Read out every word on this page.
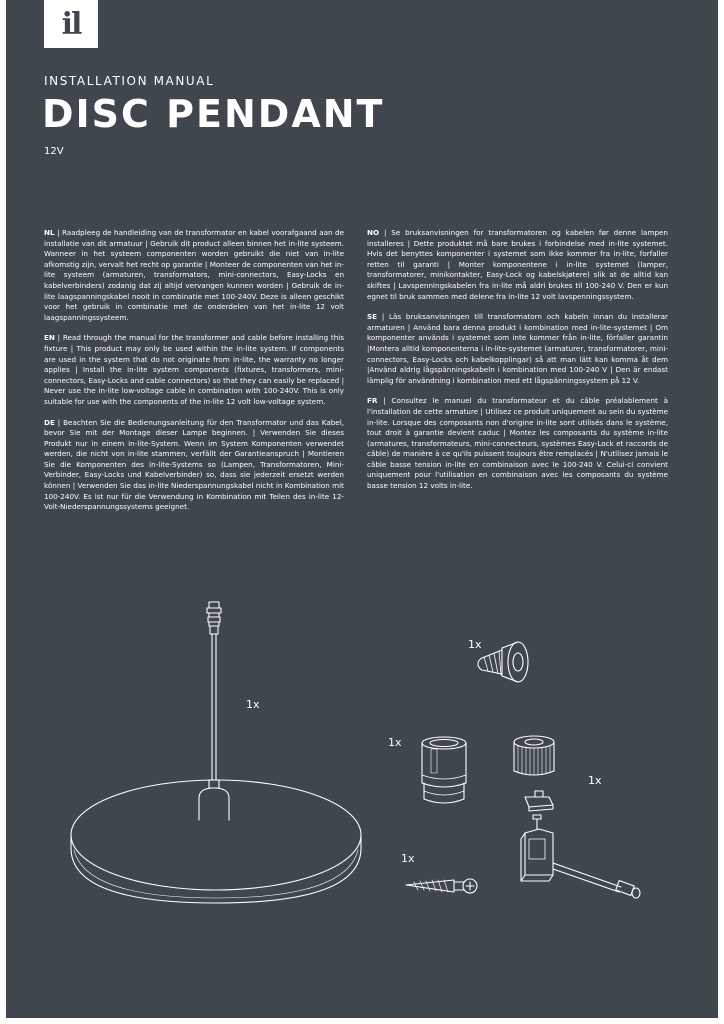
il
INSTALLATION MANUAL
DISC PENDANT
12V

NL | Raadpleeg de handleiding van de transformator en kabel voorafgaand aan de installatie van dit armatuur | Gebruik dit product alleen binnen het in-lite systeem. Wanneer in het systeem componenten worden gebruikt die niet van in-lite afkomstig zijn, vervalt het recht op garantie | Monteer de componenten van het in-lite systeem (armaturen, transformators, mini-connectors, Easy-Locks en kabelverbinders) zodanig dat zij altijd vervangen kunnen worden | Gebruik de in-lite laagspanningskabel nooit in combinatie met 100-240V. Deze is alleen geschikt voor het gebruik in combinatie met de onderdelen van het in-lite 12 volt laagspanningssysteem.

EN | Read through the manual for the transformer and cable before installing this fixture | This product may only be used within the in-lite system. If components are used in the system that do not originate from in-lite, the warranty no longer applies | Install the in-lite system components (fixtures, transformers, mini-connectors, Easy-Locks and cable connectors) so that they can easily be replaced | Never use the in-lite low-voltage cable in combination with 100-240V. This is only suitable for use with the components of the in-lite 12 volt low-voltage system.

DE | Beachten Sie die Bedienungsanleitung für den Transformator und das Kabel, bevor Sie mit der Montage dieser Lampe beginnen. | Verwenden Sie dieses Produkt nur in einem in-lite-System. Wenn im System Komponenten verwendet werden, die nicht von in-lite stammen, verfällt der Garantieanspruch | Montieren Sie die Komponenten des in-lite-Systems so (Lampen, Transformatoren, Mini-Verbinder, Easy-Locks und Kabelverbinder) so, dass sie jederzeit ersetzt werden können | Verwenden Sie das in-lite Niederspannungskabel nicht in Kombination mit 100-240V. Es ist nur für die Verwendung in Kombination mit Teilen des in-lite 12-Volt-Niederspannungssystems geeignet.

NO | Se bruksanvisningen for transformatoren og kabelen før denne lampen installeres | Dette produktet må bare brukes i forbindelse med in-lite systemet. Hvis det benyttes komponenter i systemet som ikke kommer fra in-lite, forfaller retten til garanti | Monter komponentene i in-lite systemet (lamper, transformatorer, minikontakter, Easy-Lock og kabelskjøtere) slik at de alltid kan skiftes | Lavspenningskabelen fra in-lite må aldri brukes til 100-240 V. Den er kun egnet til bruk sammen med delene fra in-lite 12 volt lavspenningssystem.

SE | Läs bruksanvisningen till transformatorn och kabeln innan du installerar armaturen | Använd bara denna produkt i kombination med in-lite-systemet | Om komponenter används i systemet som inte kommer från in-lite, förfaller garantin |Montera alltid komponenterna i in-lite-systemet (armaturer, transformatorer, mini-connectors, Easy-Locks och kabelkopplingar) så att man lätt kan komma åt dem |Använd aldrig lågspänningskabeln i kombination med 100-240 V | Den är endast lämplig för användning i kombination med ett lågspänningssystem på 12 V.

FR | Consultez le manuel du transformateur et du câble préalablement à l'installation de cette armature | Utilisez ce produit uniquement au sein du système in-lite. Lorsque des composants non d'origine in-lite sont utilisés dans le système, tout droit à garantie devient caduc | Montez les composants du système in-lite (armatures, transformateurs, mini-connecteurs, systèmes Easy-Lock et raccords de câble) de manière à ce qu'ils puissent toujours être remplacés | N'utilisez jamais le câble basse tension in-lite en combinaison avec le 100-240 V. Celui-ci convient uniquement pour l'utilisation en combinaison avec les composants du système basse tension 12 volts in-lite.

1x
1x
1x
1x
1x
